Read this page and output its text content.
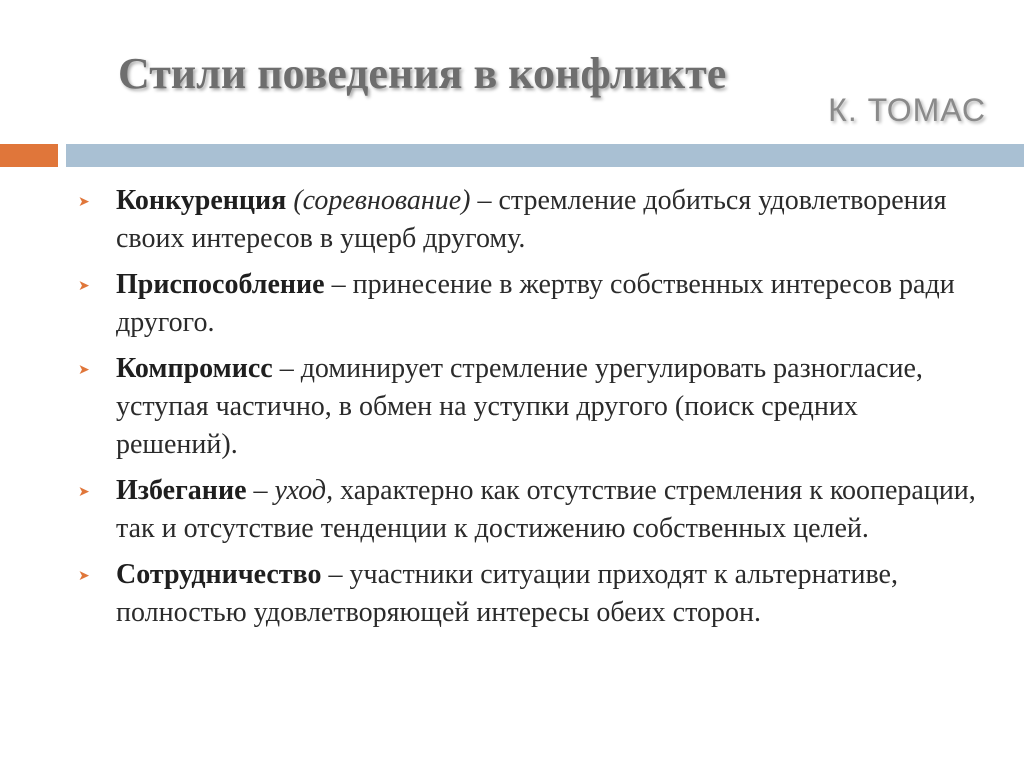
Стили поведения в конфликте
К. ТОМАС
➤ Конкуренция (соревнование) – стремление добиться удовлетворения своих интересов в ущерб другому.
➤ Приспособление – принесение в жертву собственных интересов ради другого.
➤ Компромисс – доминирует стремление урегулировать разногласие, уступая частично, в обмен на уступки другого (поиск средних решений).
➤ Избегание – уход, характерно как отсутствие стремления к кооперации, так и отсутствие тенденции к достижению собственных целей.
➤ Сотрудничество – участники ситуации приходят к альтернативе, полностью удовлетворяющей интересы обеих сторон.
